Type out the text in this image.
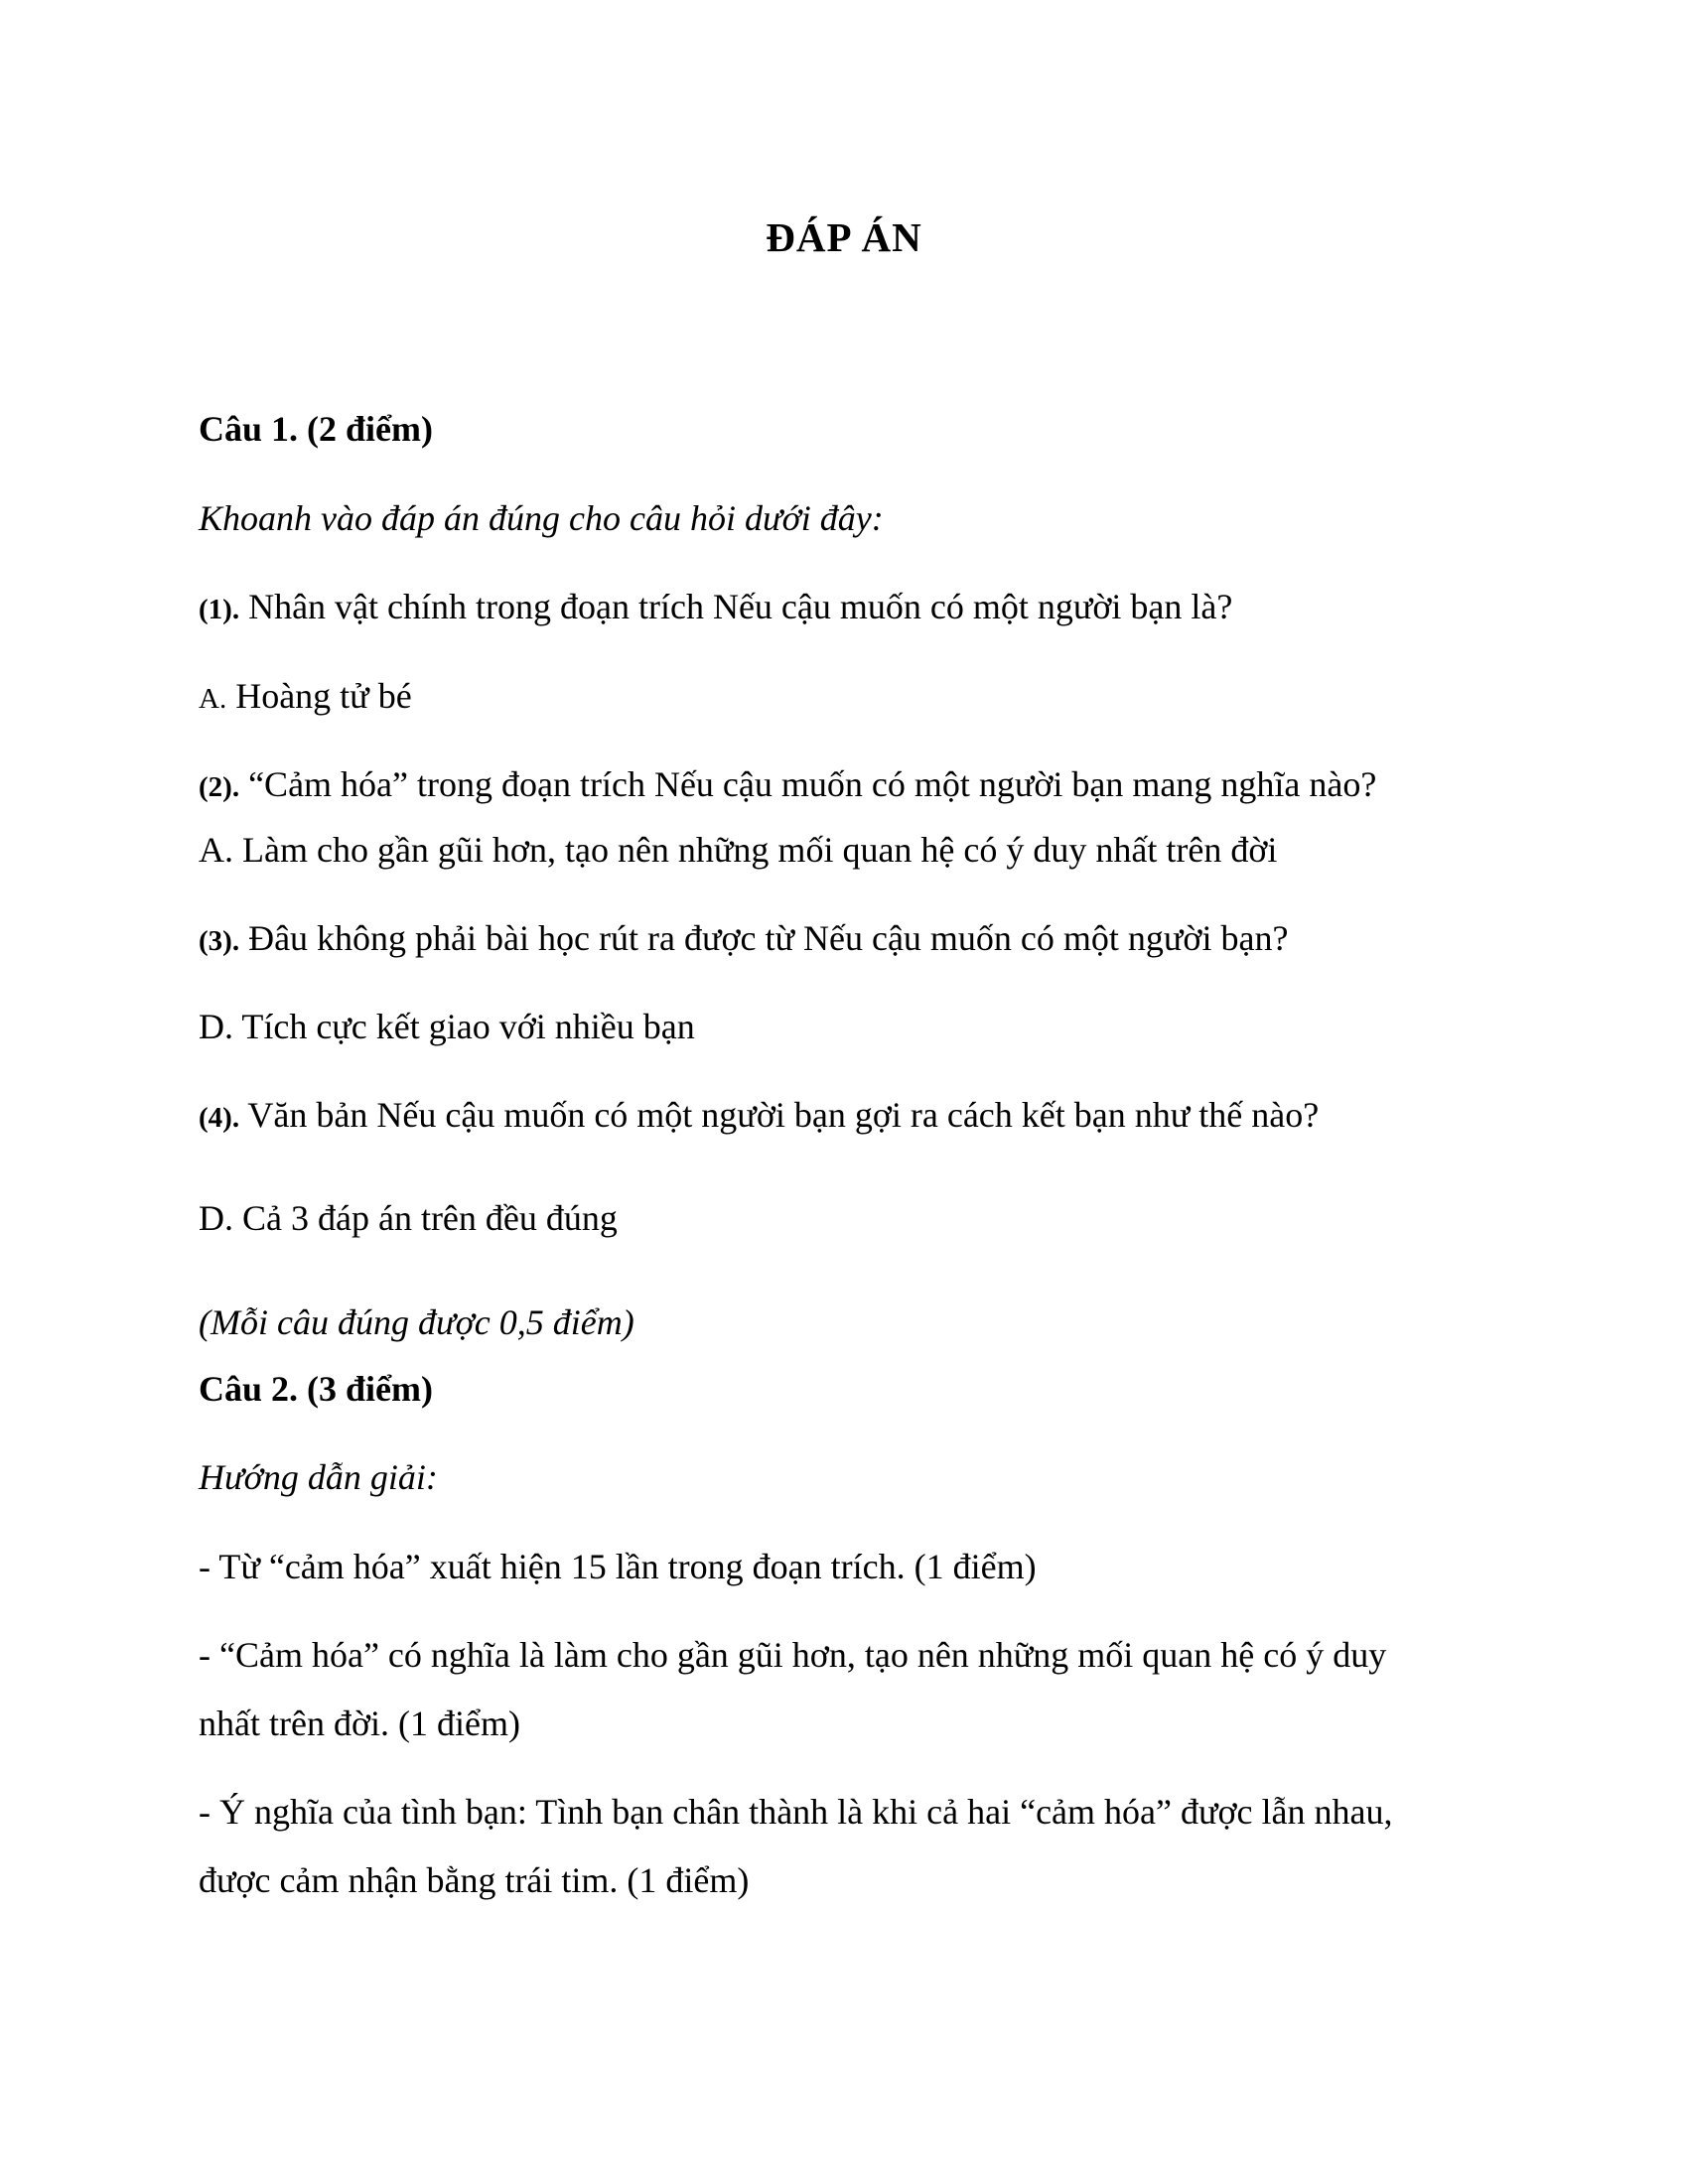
ĐÁP ÁN

Câu 1. (2 điểm)

Khoanh vào đáp án đúng cho câu hỏi dưới đây:

(1). Nhân vật chính trong đoạn trích Nếu cậu muốn có một người bạn là?

A. Hoàng tử bé

(2). “Cảm hóa” trong đoạn trích Nếu cậu muốn có một người bạn mang nghĩa nào?

A. Làm cho gần gũi hơn, tạo nên những mối quan hệ có ý duy nhất trên đời

(3). Đâu không phải bài học rút ra được từ Nếu cậu muốn có một người bạn?

D. Tích cực kết giao với nhiều bạn

(4). Văn bản Nếu cậu muốn có một người bạn gợi ra cách kết bạn như thế nào?

D. Cả 3 đáp án trên đều đúng

(Mỗi câu đúng được 0,5 điểm)

Câu 2. (3 điểm)

Hướng dẫn giải:

- Từ “cảm hóa” xuất hiện 15 lần trong đoạn trích. (1 điểm)

- “Cảm hóa” có nghĩa là làm cho gần gũi hơn, tạo nên những mối quan hệ có ý duy

nhất trên đời. (1 điểm)

- Ý nghĩa của tình bạn: Tình bạn chân thành là khi cả hai “cảm hóa” được lẫn nhau,

được cảm nhận bằng trái tim. (1 điểm)
